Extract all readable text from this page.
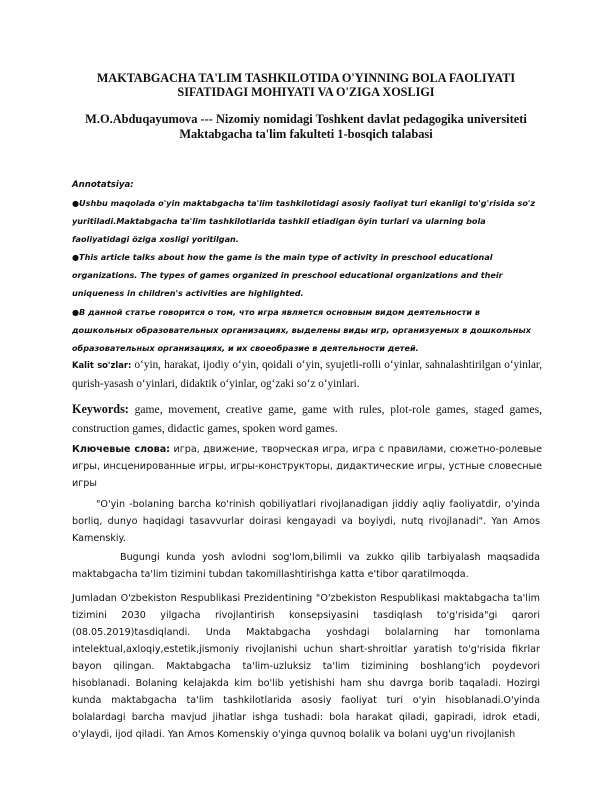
MAKTABGACHA TA'LIM TASHKILOTIDA O'YINNING BOLA FAOLIYATI
SIFATIDAGI MOHIYATI VA O'ZIGA XOSLIGI
M.O.Abduqayumova --- Nizomiy nomidagi Toshkent davlat pedagogika universiteti
Maktabgacha ta'lim fakulteti 1-bosqich talabasi
Annotatsiya:
●Ushbu maqolada o'yin maktabgacha ta'lim tashkilotidagi asosiy faoliyat turi ekanligi to'g'risida so'z yuritiladi.Maktabgacha ta'lim tashkilotlarida tashkil etiadigan öyin turlari va ularning bola faoliyatidagi öziga xosligi yoritilgan.
●This article talks about how the game is the main type of activity in preschool educational organizations. The types of games organized in preschool educational organizations and their uniqueness in children's activities are highlighted.
●В данной статье говорится о том, что игра является основным видом деятельности в дошкольных образовательных организациях, выделены виды игр, организуемых в дошкольных образовательных организациях, и их своеобразие в деятельности детей.
Kalit so'zlar: o‘yin, harakat, ijodiy o‘yin, qoidali o‘yin, syujetli-rolli o‘yinlar, sahnalashtirilgan o‘yinlar, qurish-yasash o‘yinlari, didaktik o‘yinlar, og‘zaki so‘z o‘yinlari.
Keywords: game, movement, creative game, game with rules, plot-role games, staged games, construction games, didactic games, spoken word games.
Ключевые слова: игра, движение, творческая игра, игра с правилами, сюжетно-ролевые игры, инсценированные игры, игры-конструкторы, дидактические игры, устные словесные игры
"O'yin -bolaning barcha ko'rinish qobiliyatlari rivojlanadigan jiddiy aqliy faoliyatdir, o'yinda borliq, dunyo haqidagi tasavvurlar doirasi kengayadi va boyiydi, nutq rivojlanadi". Yan Amos Kamenskiy.
Bugungi kunda yosh avlodni sog'lom,bilimli va zukko qilib tarbiyalash maqsadida maktabgacha ta'lim tizimini tubdan takomillashtirishga katta e'tibor qaratilmoqda.
Jumladan O'zbekiston Respublikasi Prezidentining "O'zbekiston Respublikasi maktabgacha ta'lim tizimini 2030 yilgacha rivojlantirish konsepsiyasini tasdiqlash to'g'risida"gi qarori (08.05.2019)tasdiqlandi. Unda Maktabgacha yoshdagi bolalarning har tomonlama intelektual,axloqiy,estetik,jismoniy rivojlanishi uchun shart-shroitlar yaratish to'g'risida fikrlar bayon qilingan. Maktabgacha ta'lim-uzluksiz ta'lim tizimining boshlang'ich poydevori hisoblanadi. Bolaning kelajakda kim bo'lib yetishishi ham shu davrga borib taqaladi. Hozirgi kunda maktabgacha ta'lim tashkilotlarida asosiy faoliyat turi o'yin hisoblanadi.O'yinda bolalardagi barcha mavjud jihatlar ishga tushadi: bola harakat qiladi, gapiradi, idrok etadi, o'ylaydi, ijod qiladi. Yan Amos Komenskiy o'yinga quvnoq bolalik va bolani uyg'un rivojlanish
